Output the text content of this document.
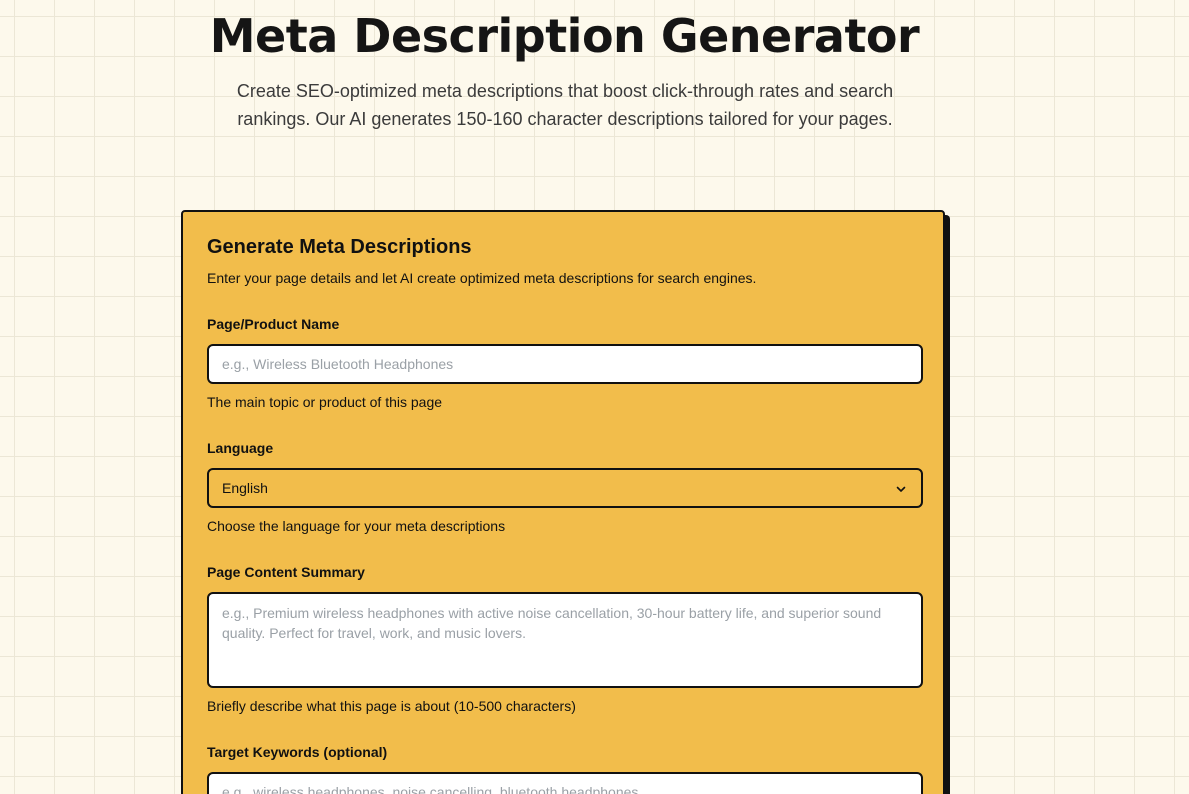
Meta Description Generator

Create SEO-optimized meta descriptions that boost click-through rates and search rankings. Our AI generates 150-160 character descriptions tailored for your pages.

Generate Meta Descriptions

Enter your page details and let AI create optimized meta descriptions for search engines.

Page/Product Name
e.g., Wireless Bluetooth Headphones
The main topic or product of this page
Language
English
Choose the language for your meta descriptions
Page Content Summary
e.g., Premium wireless headphones with active noise cancellation, 30-hour battery life, and superior sound quality. Perfect for travel, work, and music lovers.
Briefly describe what this page is about (10-500 characters)
Target Keywords (optional)
e.g., wireless headphones, noise cancelling, bluetooth headphones
